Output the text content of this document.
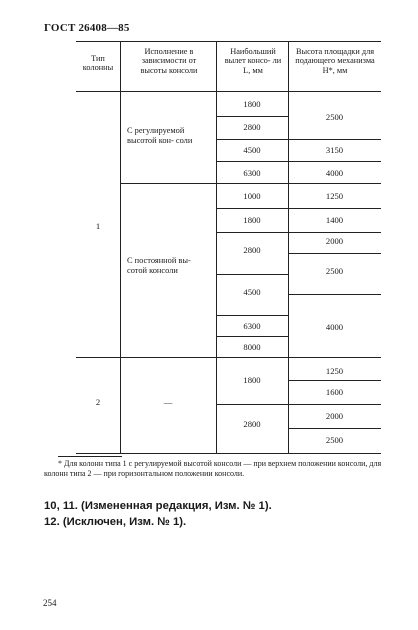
ГОСТ 26408—85
Тип колонны
Исполнение в зависимости от высоты консоли
Наибольший вылет консо- ли L, мм
Высота площадки для подающего механизма H*, мм
1
2
С регулируемой высотой кон- соли
С постоянной вы- сотой консоли
—
1800
2800
4500
6300
1000
1800
2800
4500
6300
8000
1800
2800
2500
3150
4000
1250
1400
2000
2500
4000
1250
1600
2000
2500
* Для колонн типа 1 с регулируемой высотой консоли — при верхнем положении консоли, для колонн типа 2 — при горизонтальном положении консоли.
10, 11. (Измененная редакция, Изм. № 1).
12. (Исключен, Изм. № 1).
254
